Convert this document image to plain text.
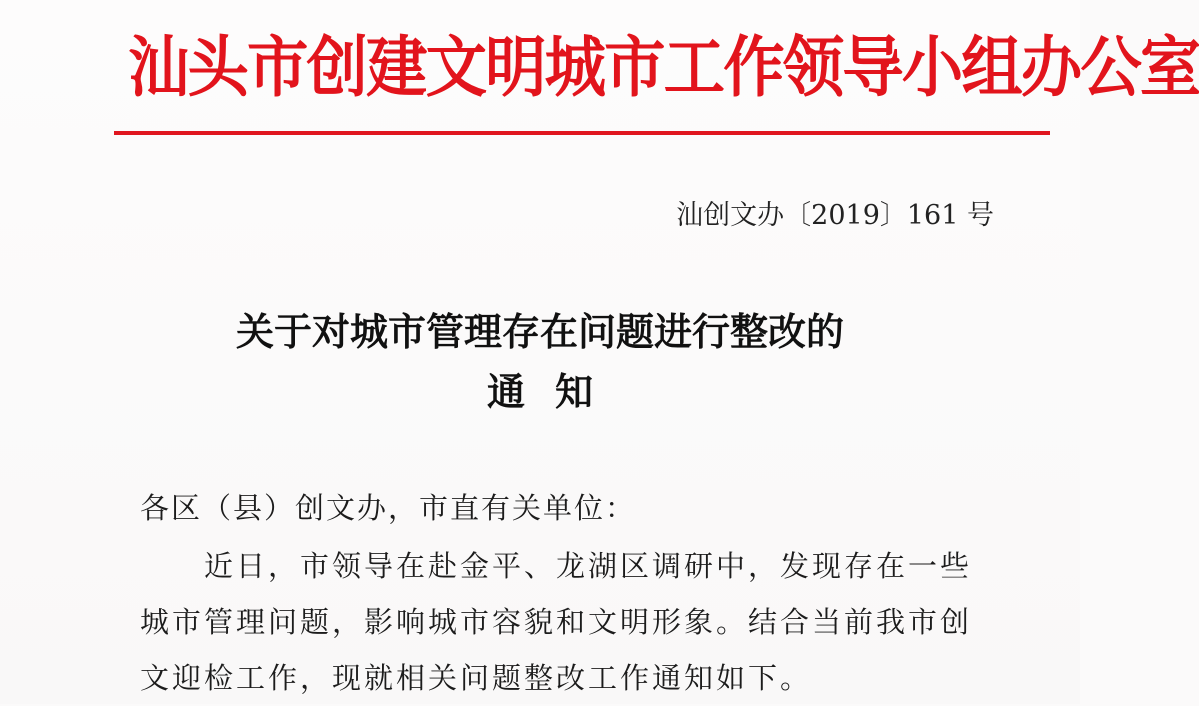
汕头市创建文明城市工作领导小组办公室
汕创文办〔2019〕161 号
关于对城市管理存在问题进行整改的
通知
各区（县）创文办，市直有关单位：
近日，市领导在赴金平、龙湖区调研中，发现存在一些
城市管理问题，影响城市容貌和文明形象。结合当前我市创
文迎检工作，现就相关问题整改工作通知如下。
